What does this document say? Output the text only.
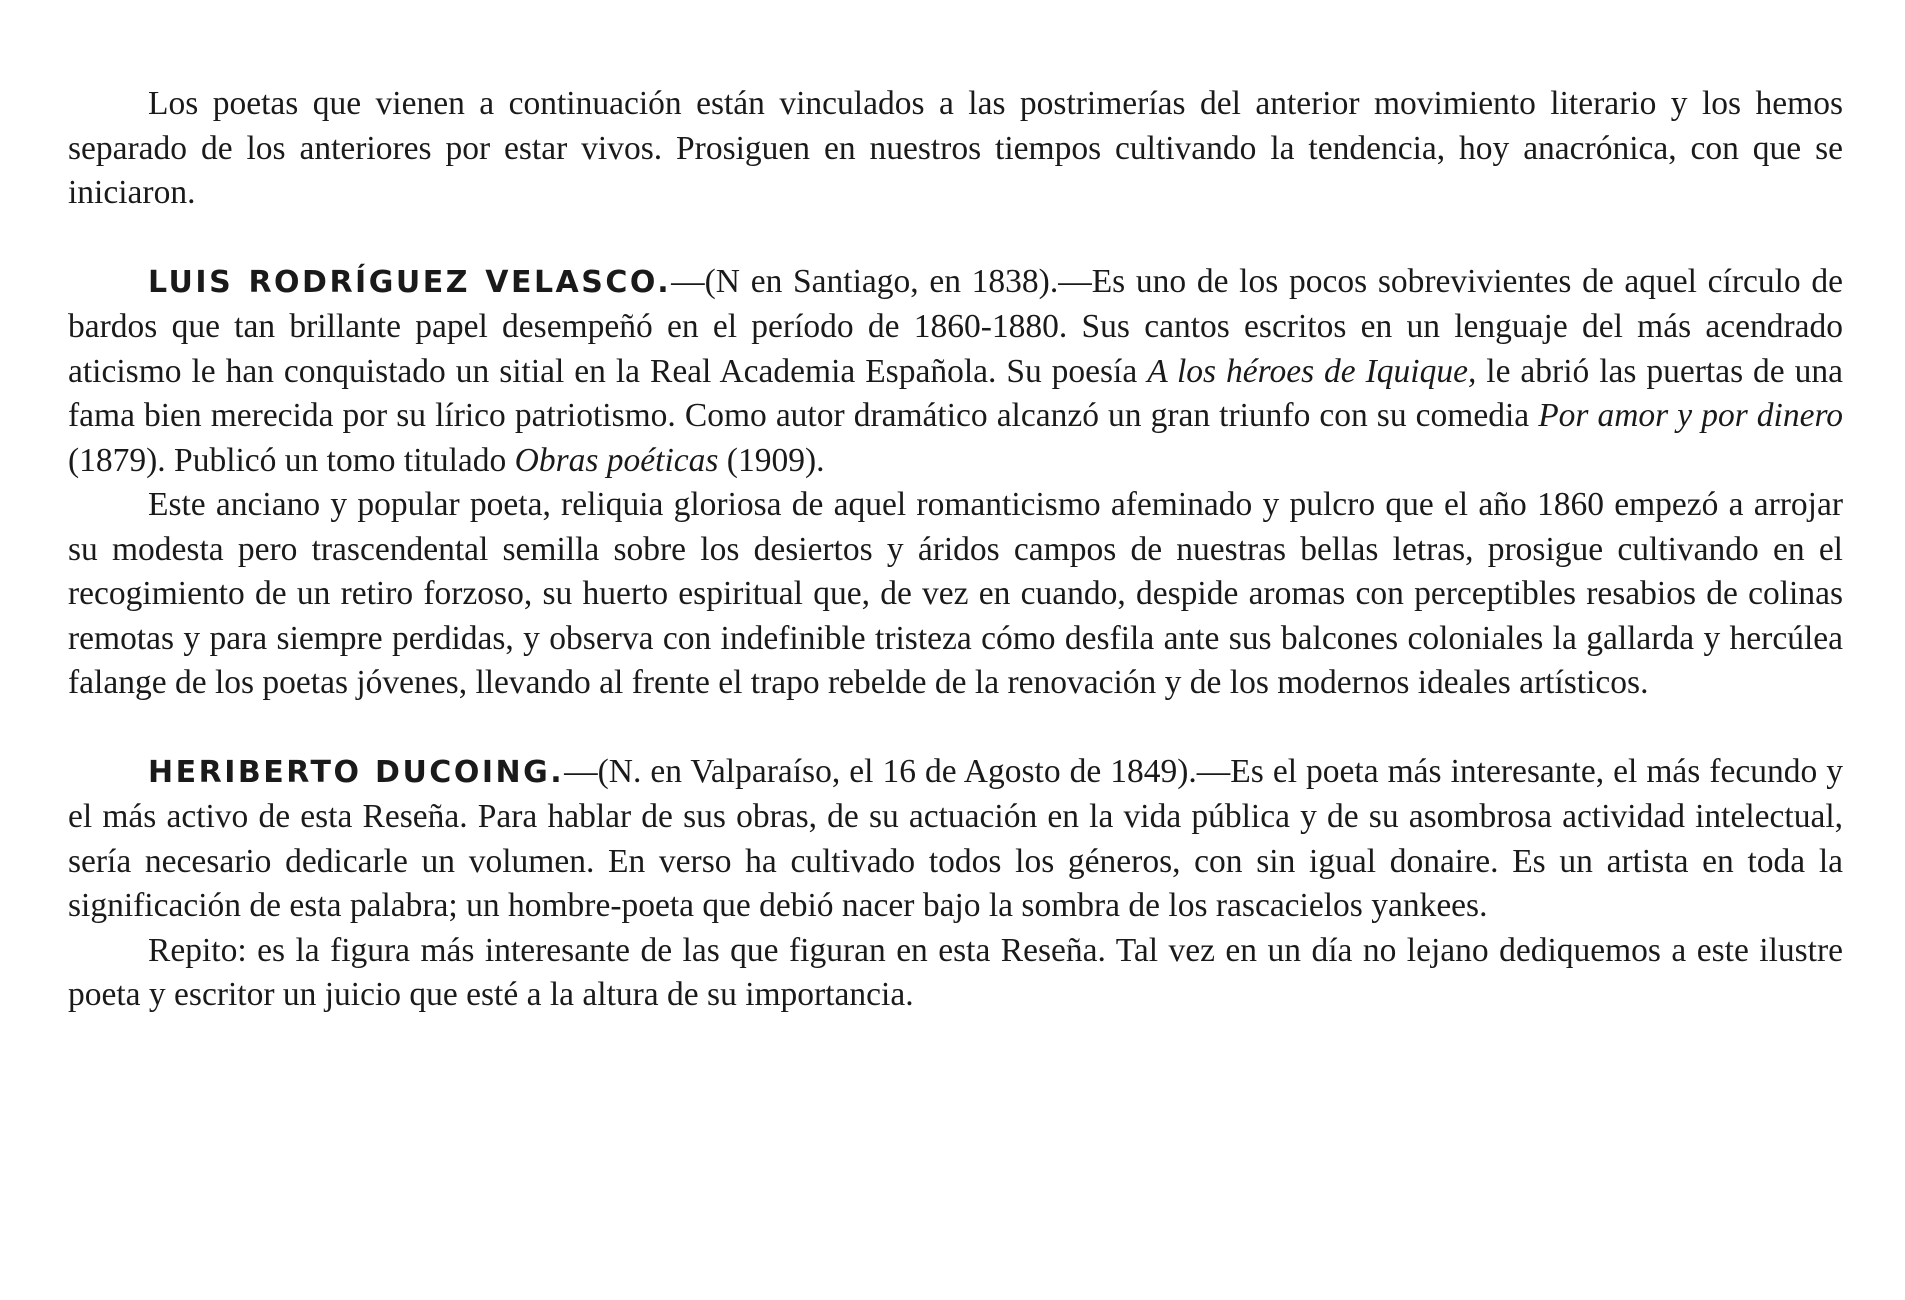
Los poetas que vienen a continuación están vinculados a las postrimerías del anterior movimiento literario y los hemos separado de los anteriores por estar vivos. Prosiguen en nuestros tiempos cultivando la tendencia, hoy anacrónica, con que se iniciaron.

LUIS RODRÍGUEZ VELASCO.—(N en Santiago, en 1838).—Es uno de los pocos sobrevivientes de aquel círculo de bardos que tan brillante papel desempeñó en el período de 1860-1880. Sus cantos escritos en un lenguaje del más acendrado aticismo le han conquistado un sitial en la Real Academia Española. Su poesía A los héroes de Iquique, le abrió las puertas de una fama bien merecida por su lírico patriotismo. Como autor dramático alcanzó un gran triunfo con su comedia Por amor y por dinero (1879). Publicó un tomo titulado Obras poéticas (1909).

Este anciano y popular poeta, reliquia gloriosa de aquel romanticismo afeminado y pulcro que el año 1860 empezó a arrojar su modesta pero trascendental semilla sobre los desiertos y áridos campos de nuestras bellas letras, prosigue cultivando en el recogimiento de un retiro forzoso, su huerto espiritual que, de vez en cuando, despide aromas con perceptibles resabios de colinas remotas y para siempre perdidas, y observa con indefinible tristeza cómo desfila ante sus balcones coloniales la gallarda y hercúlea falange de los poetas jóvenes, llevando al frente el trapo rebelde de la renovación y de los modernos ideales artísticos.

HERIBERTO DUCOING.—(N. en Valparaíso, el 16 de Agosto de 1849).—Es el poeta más interesante, el más fecundo y el más activo de esta Reseña. Para hablar de sus obras, de su actuación en la vida pública y de su asombrosa actividad intelectual, sería necesario dedicarle un volumen. En verso ha cultivado todos los géneros, con sin igual donaire. Es un artista en toda la significación de esta palabra; un hombre-poeta que debió nacer bajo la sombra de los rascacielos yankees.

Repito: es la figura más interesante de las que figuran en esta Reseña. Tal vez en un día no lejano dediquemos a este ilustre poeta y escritor un juicio que esté a la altura de su importancia.
